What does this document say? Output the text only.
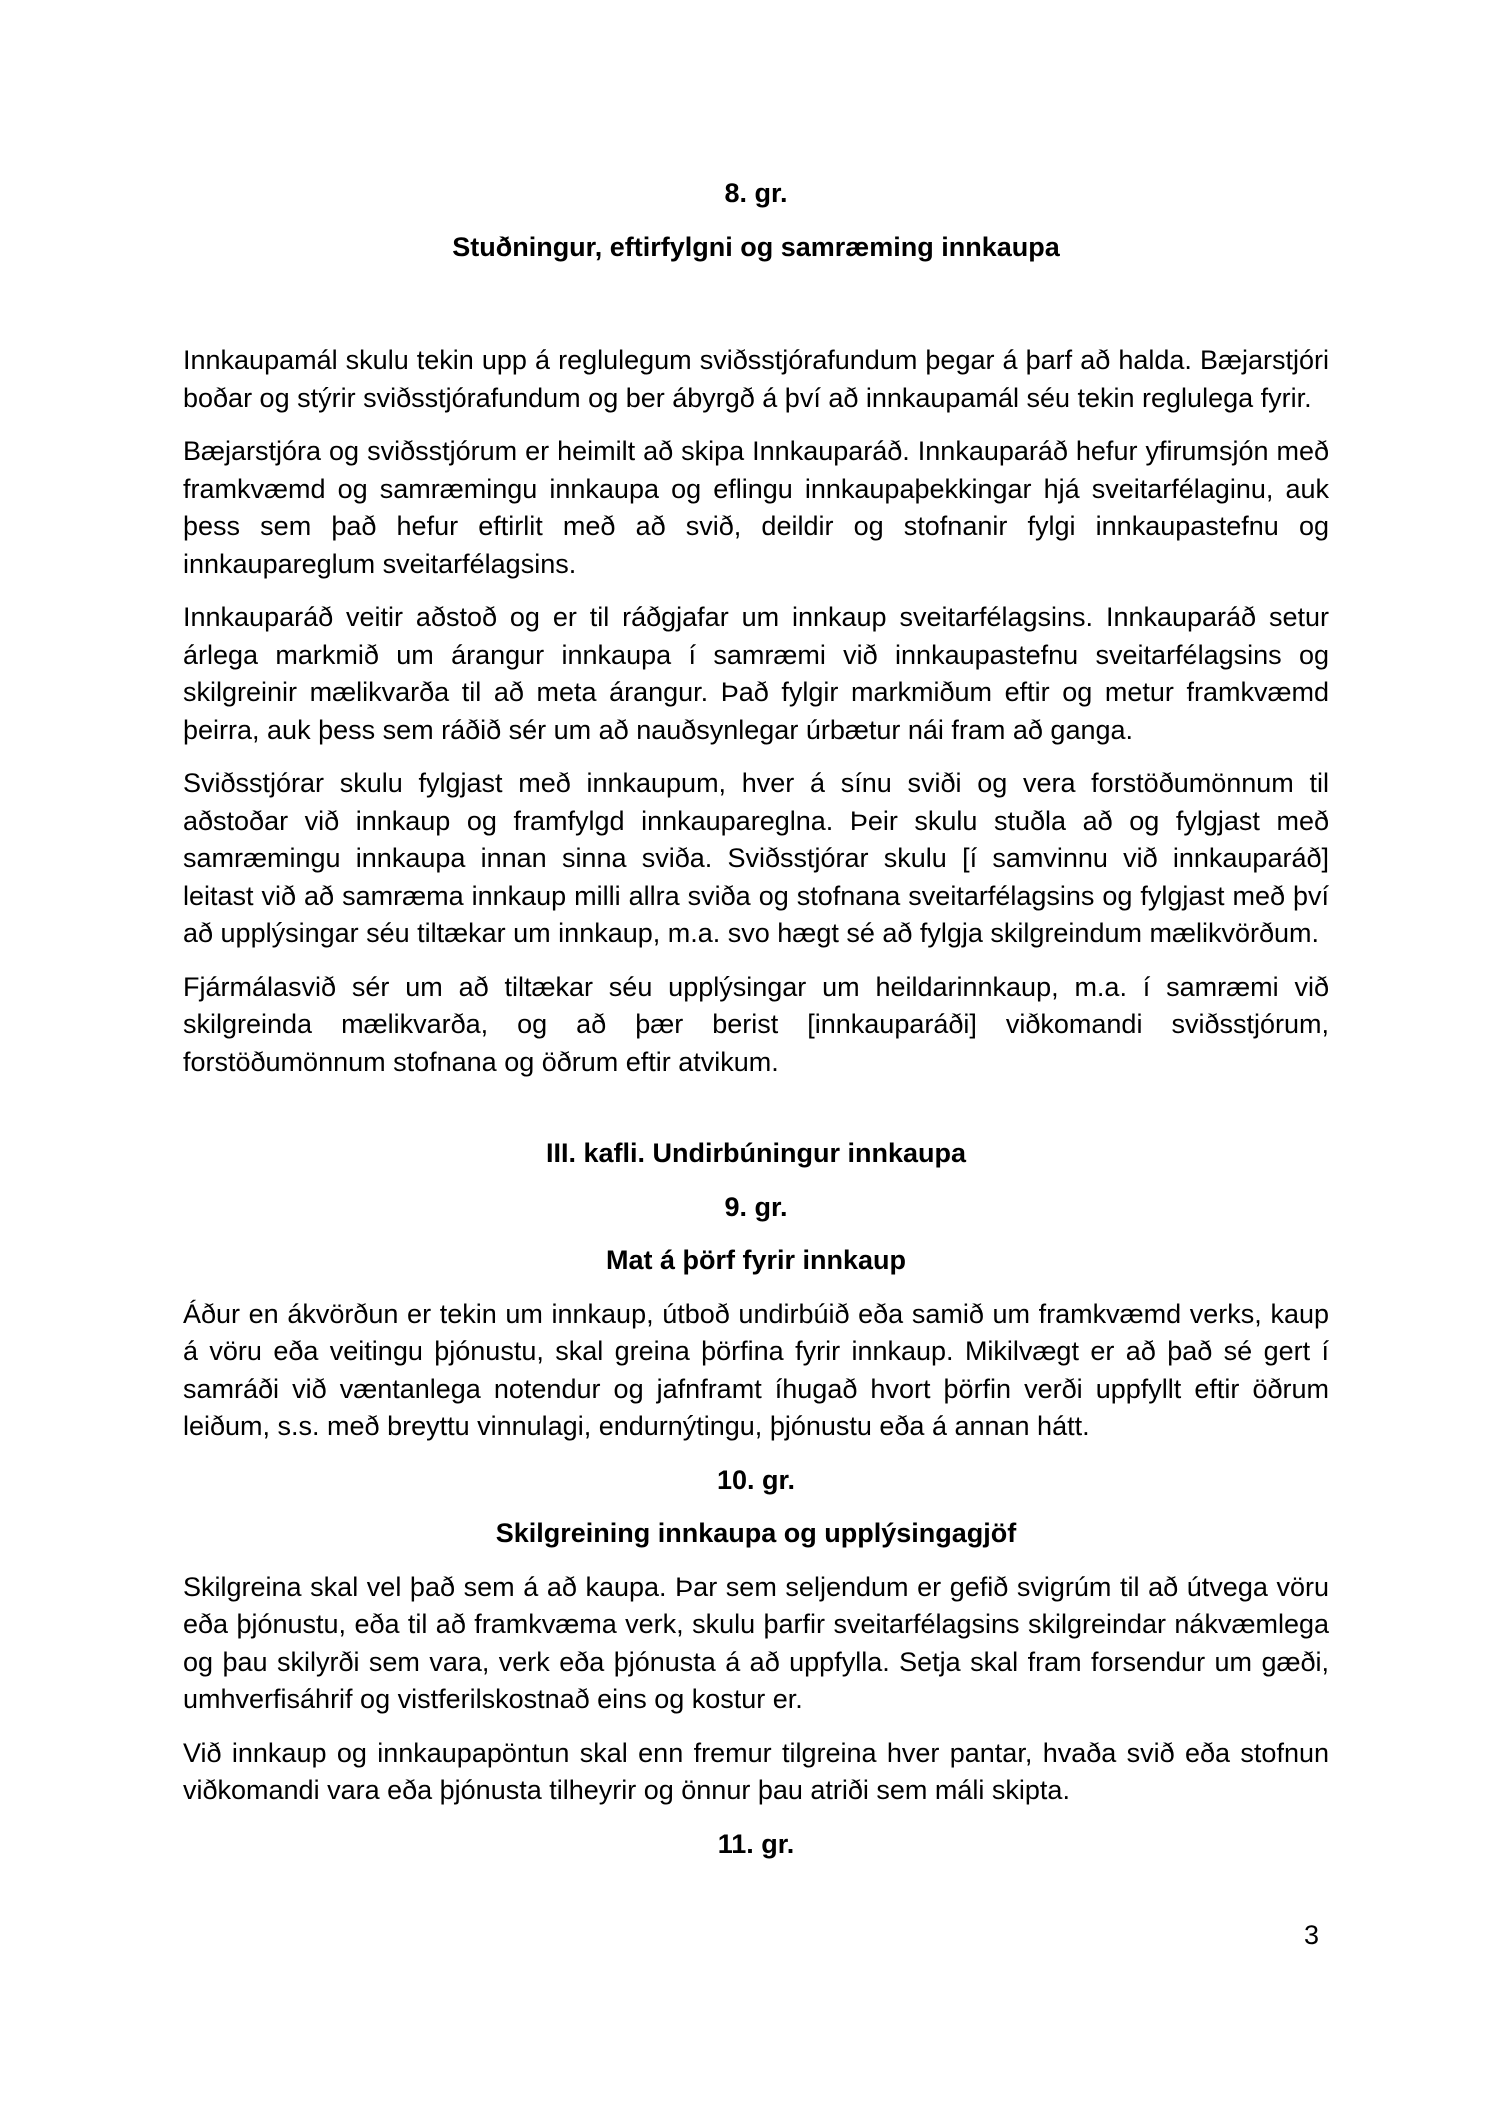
8. gr.
Stuðningur, eftirfylgni og samræming innkaupa

Innkaupamál skulu tekin upp á reglulegum sviðsstjórafundum þegar á þarf að halda. Bæjarstjóri boðar og stýrir sviðsstjórafundum og ber ábyrgð á því að innkaupamál séu tekin reglulega fyrir.

Bæjarstjóra og sviðsstjórum er heimilt að skipa Innkauparáð. Innkauparáð hefur yfirumsjón með framkvæmd og samræmingu innkaupa og eflingu innkaupaþekkingar hjá sveitarfélaginu, auk þess sem það hefur eftirlit með að svið, deildir og stofnanir fylgi innkaupastefnu og innkaupareglum sveitarfélagsins.

Innkauparáð veitir aðstoð og er til ráðgjafar um innkaup sveitarfélagsins. Innkauparáð setur árlega markmið um árangur innkaupa í samræmi við innkaupastefnu sveitarfélagsins og skilgreinir mælikvarða til að meta árangur. Það fylgir markmiðum eftir og metur framkvæmd þeirra, auk þess sem ráðið sér um að nauðsynlegar úrbætur nái fram að ganga.

Sviðsstjórar skulu fylgjast með innkaupum, hver á sínu sviði og vera forstöðumönnum til aðstoðar við innkaup og framfylgd innkaupareglna. Þeir skulu stuðla að og fylgjast með samræmingu innkaupa innan sinna sviða. Sviðsstjórar skulu [í samvinnu við innkauparáð] leitast við að samræma innkaup milli allra sviða og stofnana sveitarfélagsins og fylgjast með því að upplýsingar séu tiltækar um innkaup, m.a. svo hægt sé að fylgja skilgreindum mælikvörðum.

Fjármálasvið sér um að tiltækar séu upplýsingar um heildarinnkaup, m.a. í samræmi við skilgreinda mælikvarða, og að þær berist [innkauparáði] viðkomandi sviðsstjórum, forstöðumönnum stofnana og öðrum eftir atvikum.

III. kafli. Undirbúningur innkaupa
9. gr.
Mat á þörf fyrir innkaup

Áður en ákvörðun er tekin um innkaup, útboð undirbúið eða samið um framkvæmd verks, kaup á vöru eða veitingu þjónustu, skal greina þörfina fyrir innkaup. Mikilvægt er að það sé gert í samráði við væntanlega notendur og jafnframt íhugað hvort þörfin verði uppfyllt eftir öðrum leiðum, s.s. með breyttu vinnulagi, endurnýtingu, þjónustu eða á annan hátt.

10. gr.
Skilgreining innkaupa og upplýsingagjöf

Skilgreina skal vel það sem á að kaupa. Þar sem seljendum er gefið svigrúm til að útvega vöru eða þjónustu, eða til að framkvæma verk, skulu þarfir sveitarfélagsins skilgreindar nákvæmlega og þau skilyrði sem vara, verk eða þjónusta á að uppfylla. Setja skal fram forsendur um gæði, umhverfisáhrif og vistferilskostnað eins og kostur er.

Við innkaup og innkaupapöntun skal enn fremur tilgreina hver pantar, hvaða svið eða stofnun viðkomandi vara eða þjónusta tilheyrir og önnur þau atriði sem máli skipta.

11. gr.
3
